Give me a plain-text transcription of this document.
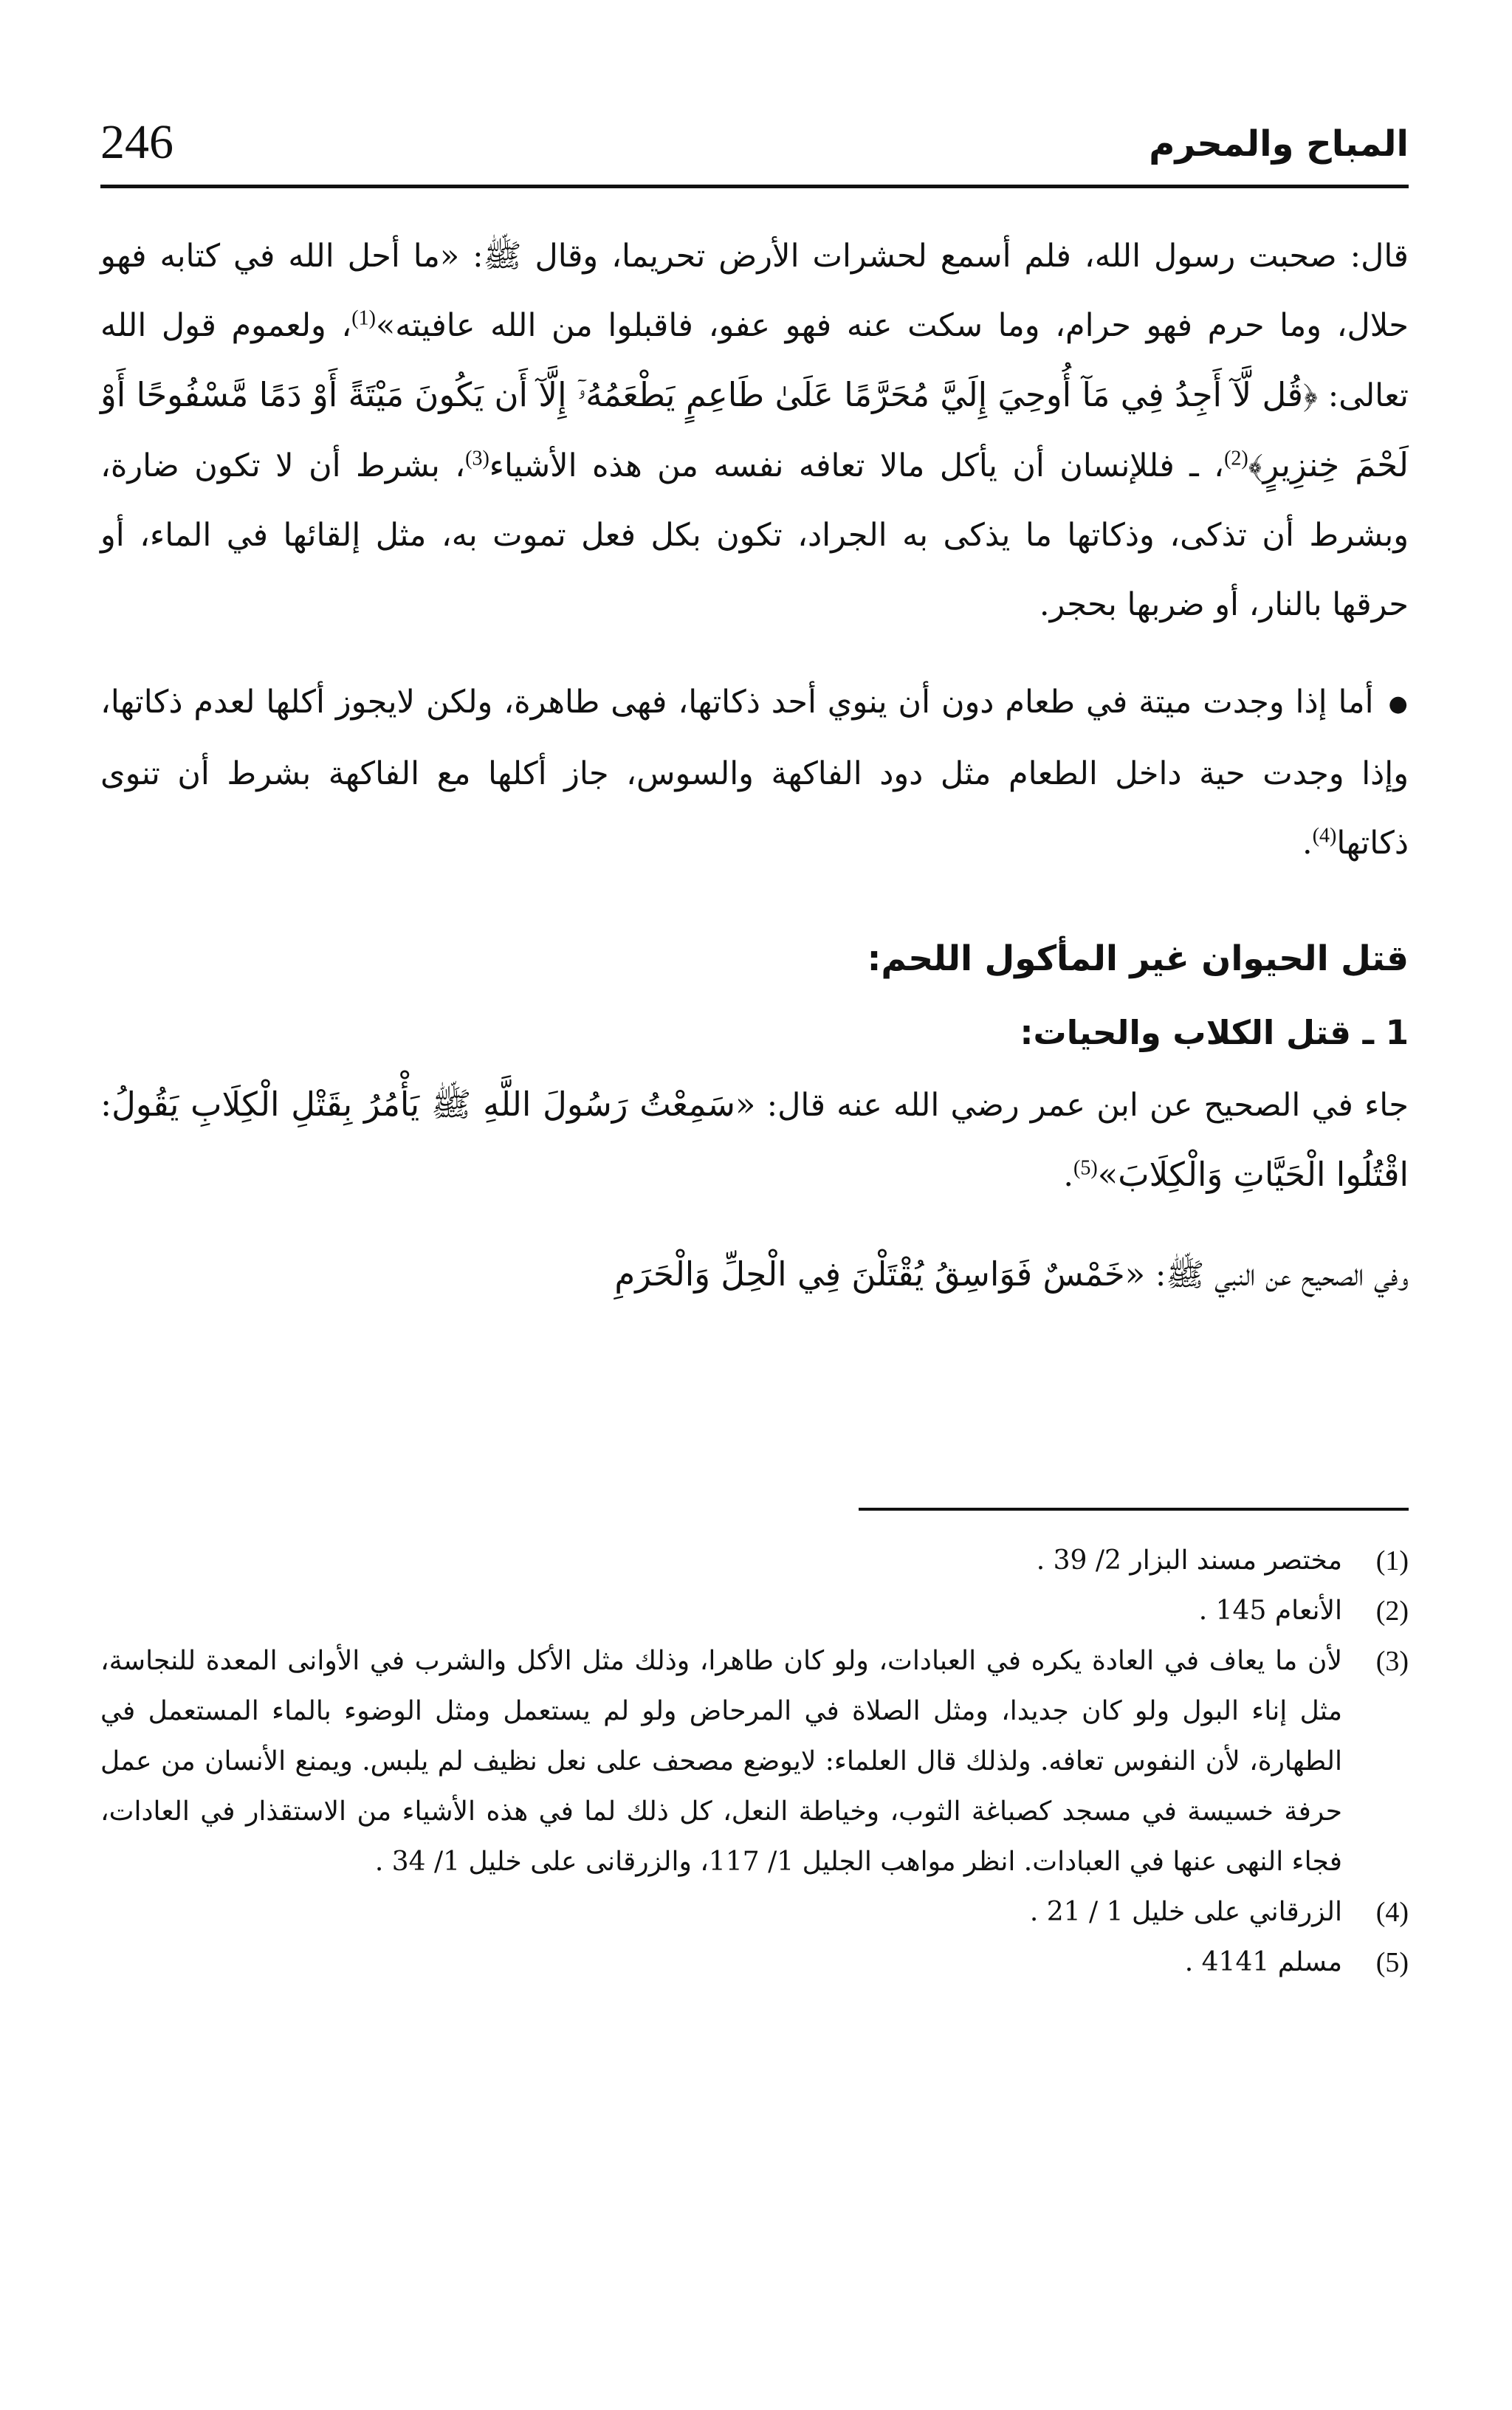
المباح والمحرم
246

قال: صحبت رسول الله، فلم أسمع لحشرات الأرض تحريما، وقال ﷺ: «ما أحل الله في كتابه فهو حلال، وما حرم فهو حرام، وما سكت عنه فهو عفو، فاقبلوا من الله عافيته»$^{(1)}$، ولعموم قول الله تعالى: ﴿قُل لَّآ أَجِدُ فِي مَآ أُوحِيَ إِلَيَّ مُحَرَّمًا عَلَىٰ طَاعِمٍ يَطْعَمُهُۥٓ إِلَّآ أَن يَكُونَ مَيْتَةً أَوْ دَمًا مَّسْفُوحًا أَوْ لَحْمَ خِنزِيرٍ﴾$^{(2)}$، ـ فللإنسان أن يأكل مالا تعافه نفسه من هذه الأشياء$^{(3)}$، بشرط أن لا تكون ضارة، وبشرط أن تذكى، وذكاتها ما يذكى به الجراد، تكون بكل فعل تموت به، مثل إلقائها في الماء، أو حرقها بالنار، أو ضربها بحجر.

●أما إذا وجدت ميتة في طعام دون أن ينوي أحد ذكاتها، فهى طاهرة، ولكن لايجوز أكلها لعدم ذكاتها، وإذا وجدت حية داخل الطعام مثل دود الفاكهة والسوس، جاز أكلها مع الفاكهة بشرط أن تنوى ذكاتها$^{(4)}$.

قتل الحيوان غير المأكول اللحم:
1 ـ قتل الكلاب والحيات:

جاء في الصحيح عن ابن عمر رضي الله عنه قال: «سَمِعْتُ رَسُولَ اللَّهِ ﷺ يَأْمُرُ بِقَتْلِ الْكِلَابِ يَقُولُ: اقْتُلُوا الْحَيَّاتِ وَالْكِلَابَ»$^{(5)}$.

وفي الصحيح عن النبي ﷺ: «خَمْسٌ فَوَاسِقُ يُقْتَلْنَ فِي الْحِلِّ وَالْحَرَمِ

(1)
مختصر مسند البزار 2/ 39 .
(2)
الأنعام 145 .
(3)
لأن ما يعاف في العادة يكره في العبادات، ولو كان طاهرا، وذلك مثل الأكل والشرب في الأوانى المعدة للنجاسة، مثل إناء البول ولو كان جديدا، ومثل الصلاة في المرحاض ولو لم يستعمل ومثل الوضوء بالماء المستعمل في الطهارة، لأن النفوس تعافه. ولذلك قال العلماء: لايوضع مصحف على نعل نظيف لم يلبس. ويمنع الأنسان من عمل حرفة خسيسة في مسجد كصباغة الثوب، وخياطة النعل، كل ذلك لما في هذه الأشياء من الاستقذار في العادات، فجاء النهى عنها في العبادات. انظر مواهب الجليل 1/ 117، والزرقانى على خليل 1/ 34 .
(4)
الزرقاني على خليل 1 / 21 .
(5)
مسلم 4141 .
